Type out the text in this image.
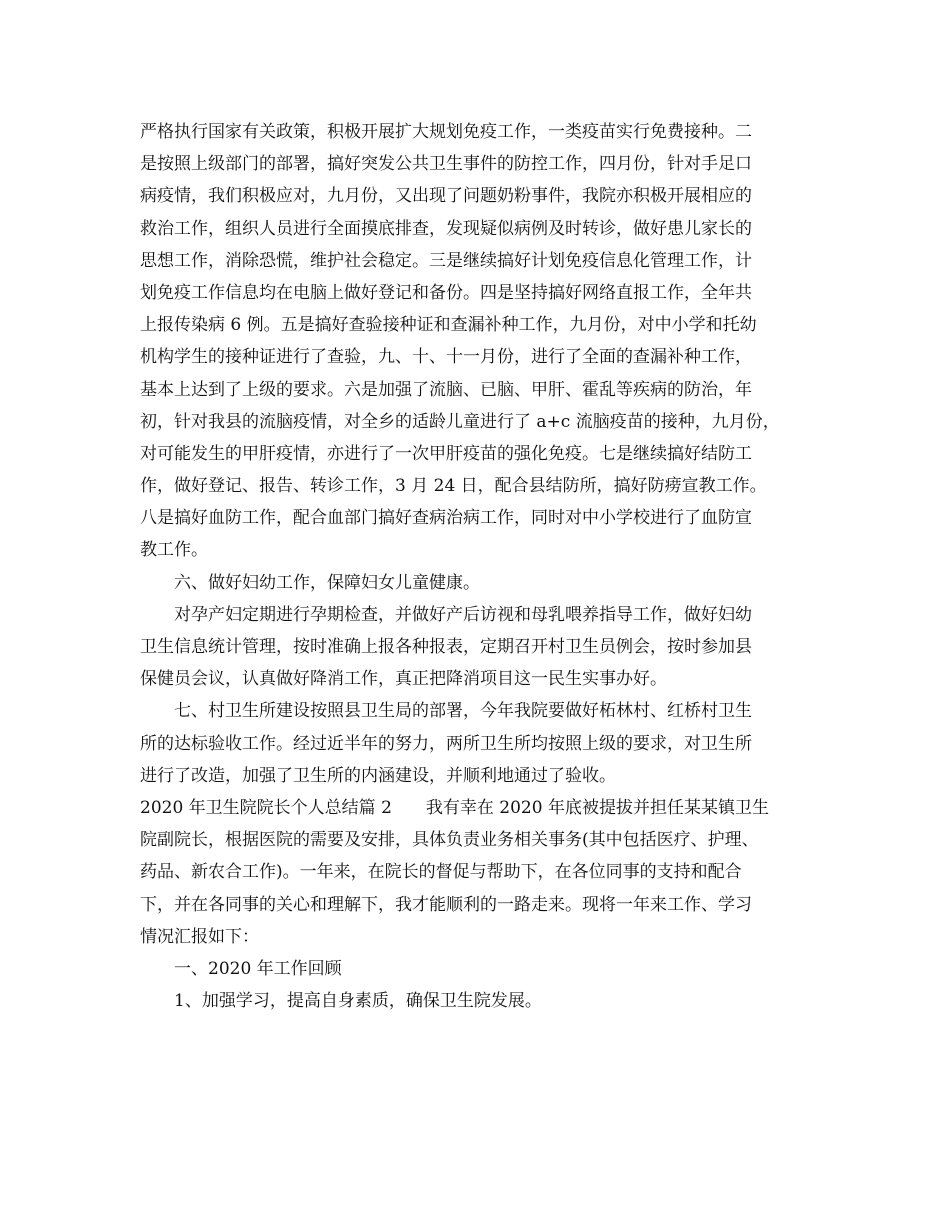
严格执行国家有关政策，积极开展扩大规划免疫工作，一类疫苗实行免费接种。二
是按照上级部门的部署，搞好突发公共卫生事件的防控工作，四月份，针对手足口
病疫情，我们积极应对，九月份，又出现了问题奶粉事件，我院亦积极开展相应的
救治工作，组织人员进行全面摸底排查，发现疑似病例及时转诊，做好患儿家长的
思想工作，消除恐慌，维护社会稳定。三是继续搞好计划免疫信息化管理工作，计
划免疫工作信息均在电脑上做好登记和备份。四是坚持搞好网络直报工作，全年共
上报传染病 6 例。五是搞好查验接种证和查漏补种工作，九月份，对中小学和托幼
机构学生的接种证进行了查验，九、十、十一月份，进行了全面的查漏补种工作，
基本上达到了上级的要求。六是加强了流脑、已脑、甲肝、霍乱等疾病的防治，年
初，针对我县的流脑疫情，对全乡的适龄儿童进行了 a+c 流脑疫苗的接种，九月份，
对可能发生的甲肝疫情，亦进行了一次甲肝疫苗的强化免疫。七是继续搞好结防工
作，做好登记、报告、转诊工作，3 月 24 日，配合县结防所，搞好防痨宣教工作。
八是搞好血防工作，配合血部门搞好查病治病工作，同时对中小学校进行了血防宣
教工作。
六、做好妇幼工作，保障妇女儿童健康。
对孕产妇定期进行孕期检查，并做好产后访视和母乳喂养指导工作，做好妇幼
卫生信息统计管理，按时准确上报各种报表，定期召开村卫生员例会，按时参加县
保健员会议，认真做好降消工作，真正把降消项目这一民生实事办好。
七、村卫生所建设按照县卫生局的部署，今年我院要做好柘林村、红桥村卫生
所的达标验收工作。经过近半年的努力，两所卫生所均按照上级的要求，对卫生所
进行了改造，加强了卫生所的内涵建设，并顺利地通过了验收。
2020 年卫生院院长个人总结篇 2　　我有幸在 2020 年底被提拔并担任某某镇卫生
院副院长，根据医院的需要及安排，具体负责业务相关事务(其中包括医疗、护理、
药品、新农合工作)。一年来，在院长的督促与帮助下，在各位同事的支持和配合
下，并在各同事的关心和理解下，我才能顺利的一路走来。现将一年来工作、学习
情况汇报如下：
一、2020 年工作回顾
1、加强学习，提高自身素质，确保卫生院发展。
